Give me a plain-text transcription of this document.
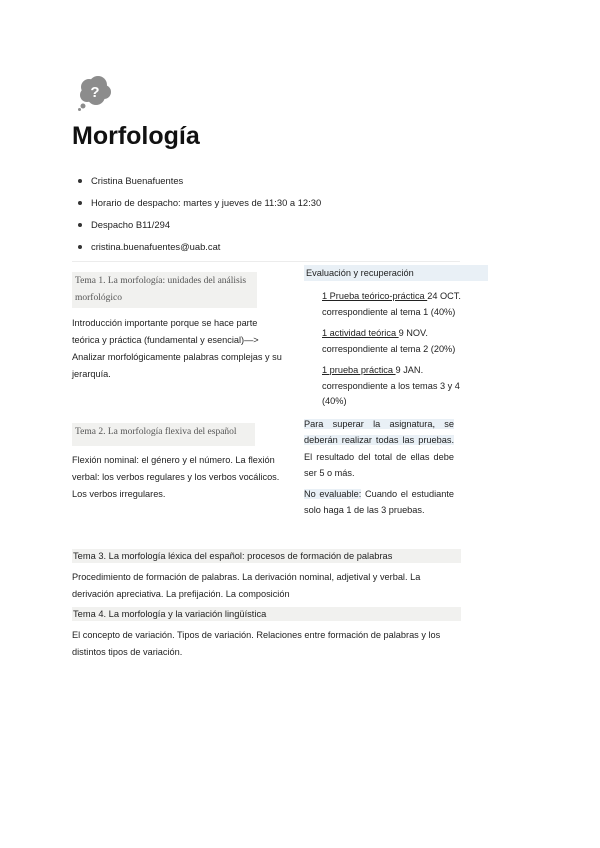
?
Morfología
Cristina Buenafuentes
Horario de despacho: martes y jueves de 11:30 a 12:30
Despacho B11/294
cristina.buenafuentes@uab.cat
Tema 1. La morfología: unidades del análisis morfológico

Introducción importante porque se hace parte teórica y práctica (fundamental y esencial)—> Analizar morfológicamente palabras complejas y su jerarquía.

Tema 2. La morfología flexiva del español

Flexión nominal: el género y el número. La flexión verbal: los verbos regulares y los verbos vocálicos. Los verbos irregulares.

Evaluación y recuperación
1 Prueba teórico-práctica 24 OCT. correspondiente al tema 1 (40%)
1 actividad teórica 9 NOV. correspondiente al tema 2 (20%)
1 prueba práctica 9 JAN. correspondiente a los temas 3 y 4 (40%)

Para superar la asignatura, se deberán realizar todas las pruebas. El resultado del total de ellas debe ser 5 o más.

No evaluable: Cuando el estudiante solo haga 1 de las 3 pruebas.

Tema 3. La morfología léxica del español: procesos de formación de palabras

Procedimiento de formación de palabras. La derivación nominal, adjetival y verbal. La derivación apreciativa. La prefijación. La composición

Tema 4. La morfología y la variación lingüística

El concepto de variación. Tipos de variación. Relaciones entre formación de palabras y los distintos tipos de variación.
